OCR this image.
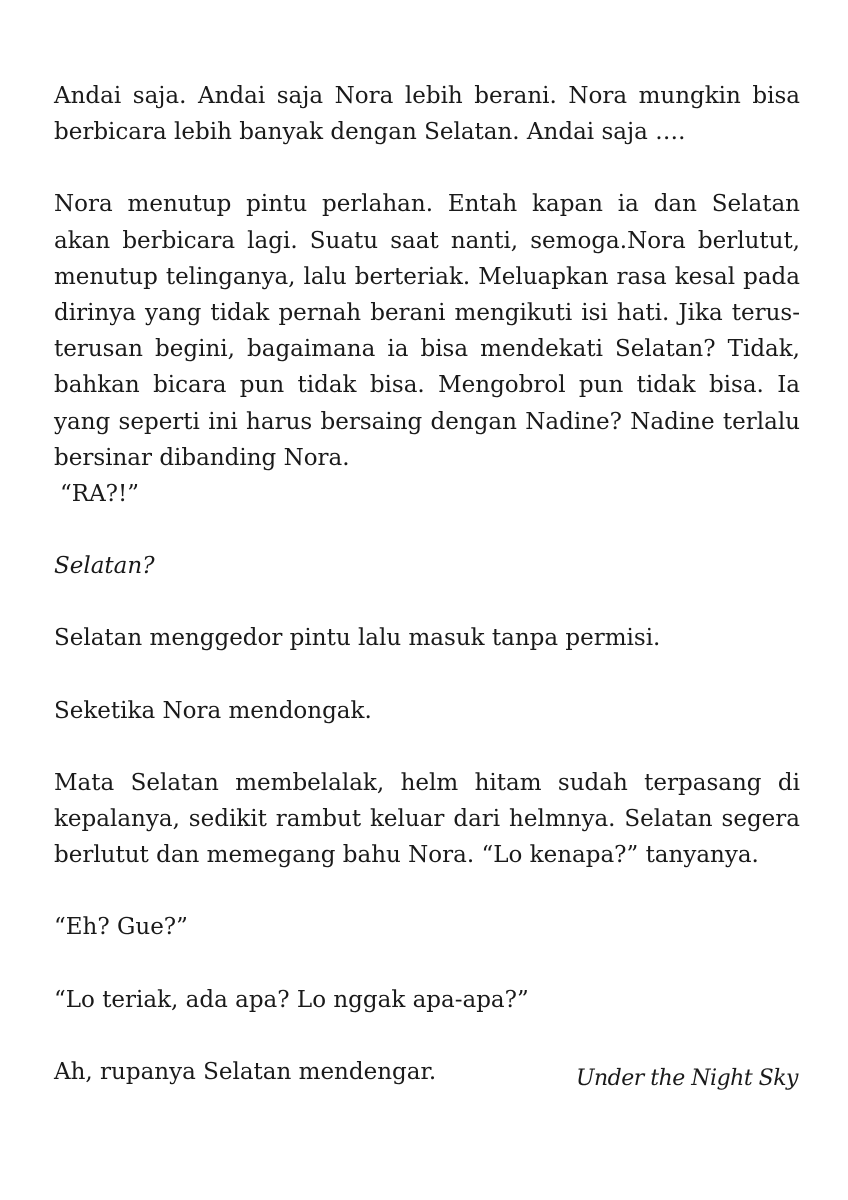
Andai saja. Andai saja Nora lebih berani. Nora mungkin bisa berbicara lebih banyak dengan Selatan. Andai saja ….

Nora menutup pintu perlahan. Entah kapan ia dan Selatan akan berbicara lagi. Suatu saat nanti, semoga.Nora berlutut, menutup telinganya, lalu berteriak. Meluapkan rasa kesal pada dirinya yang tidak pernah berani mengikuti isi hati. Jika terus-terusan begini, bagaimana ia bisa mendekati Selatan? Tidak, bahkan bicara pun tidak bisa. Mengobrol pun tidak bisa. Ia yang seperti ini harus bersaing dengan Nadine? Nadine terlalu bersinar dibanding Nora.

“RA?!”

Selatan?

Selatan menggedor pintu lalu masuk tanpa permisi.

Seketika Nora mendongak.

Mata Selatan membelalak, helm hitam sudah terpasang di kepalanya, sedikit rambut keluar dari helmnya. Selatan segera berlutut dan memegang bahu Nora. “Lo kenapa?” tanyanya.

“Eh? Gue?”

“Lo teriak, ada apa? Lo nggak apa-apa?”

Ah, rupanya Selatan mendengar.	Under the Night Sky
